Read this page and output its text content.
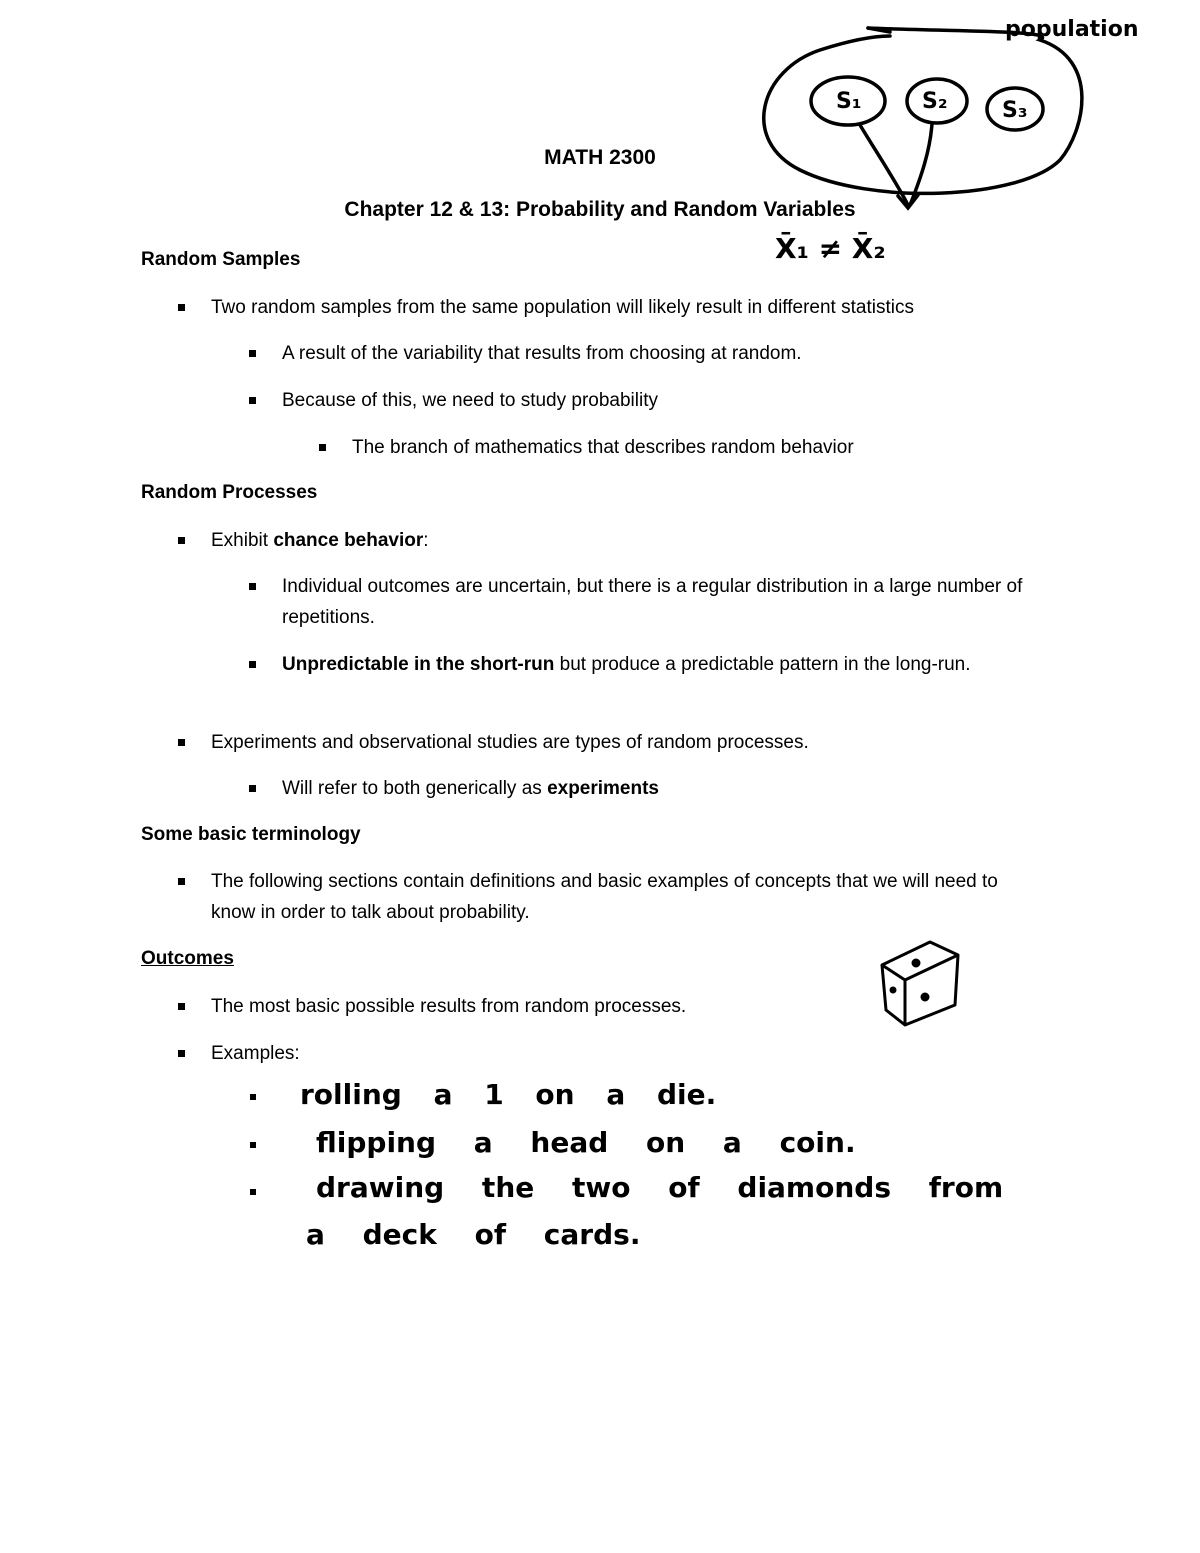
MATH 2300
Chapter 12 & 13: Probability and Random Variables
Random Samples
Two random samples from the same population will likely result in different statistics
A result of the variability that results from choosing at random.
Because of this, we need to study probability
The branch of mathematics that describes random behavior
Random Processes
Exhibit chance behavior:
Individual outcomes are uncertain, but there is a regular distribution in a large number of repetitions.
Unpredictable in the short-run but produce a predictable pattern in the long-run.
Experiments and observational studies are types of random processes.
Will refer to both generically as experiments
Some basic terminology
The following sections contain definitions and basic examples of concepts that we will need to know in order to talk about probability.
Outcomes
The most basic possible results from random processes.
Examples:
population
S₁	S₂ S₃
X̄₁ ≠ X̄₂
rolling a 1 on a die.
flipping a head on a coin.
drawing the two of diamonds from
a deck of cards.
